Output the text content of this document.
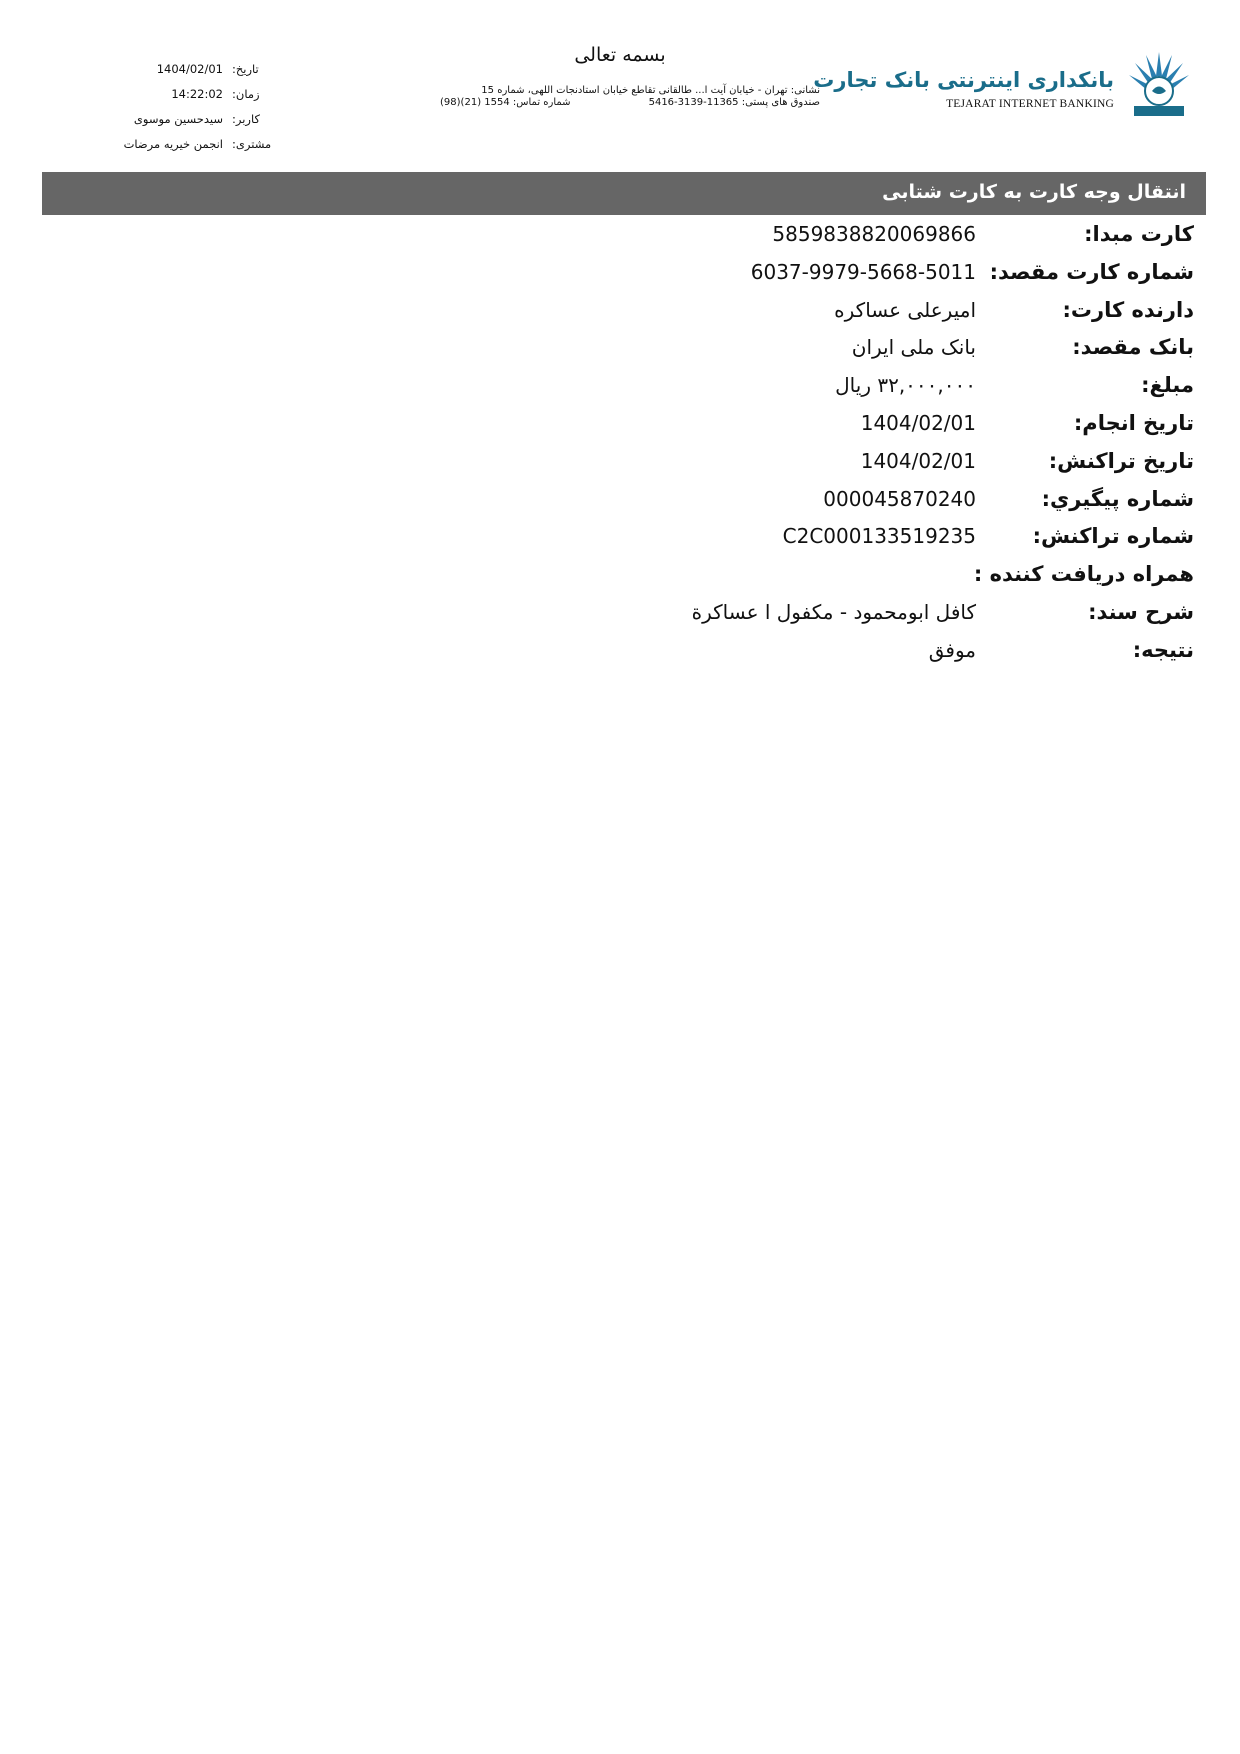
بسمه تعالی
تاریخ:
1404/02/01
زمان:
14:22:02
کاربر:
سیدحسین موسوی
مشتری:
انجمن خیریه مرضات
نشانی: تهران - خیابان آیت ا... طالقانی تقاطع خیابان استادنجات اللهی، شماره 15
صندوق های پستی: 11365-3139-5416
شماره تماس: 1554 (21)(98)
بانکداری اینترنتی بانک تجارت
TEJARAT INTERNET BANKING
انتقال وجه کارت به کارت شتابی
کارت مبدا:
5859838820069866
شماره کارت مقصد:
6037-9979-5668-5011
دارنده کارت:
امیرعلی عساکره
بانک مقصد:
بانک ملی ایران
مبلغ:
۳۲,۰۰۰,۰۰۰ ریال
تاریخ انجام:
1404/02/01
تاریخ تراکنش:
1404/02/01
شماره پیگيري:
000045870240
شماره تراکنش:
C2C000133519235
همراه دریافت کننده :
شرح سند:
کافل ابومحمود - مکفول ا عساکرة
نتیجه:
موفق
